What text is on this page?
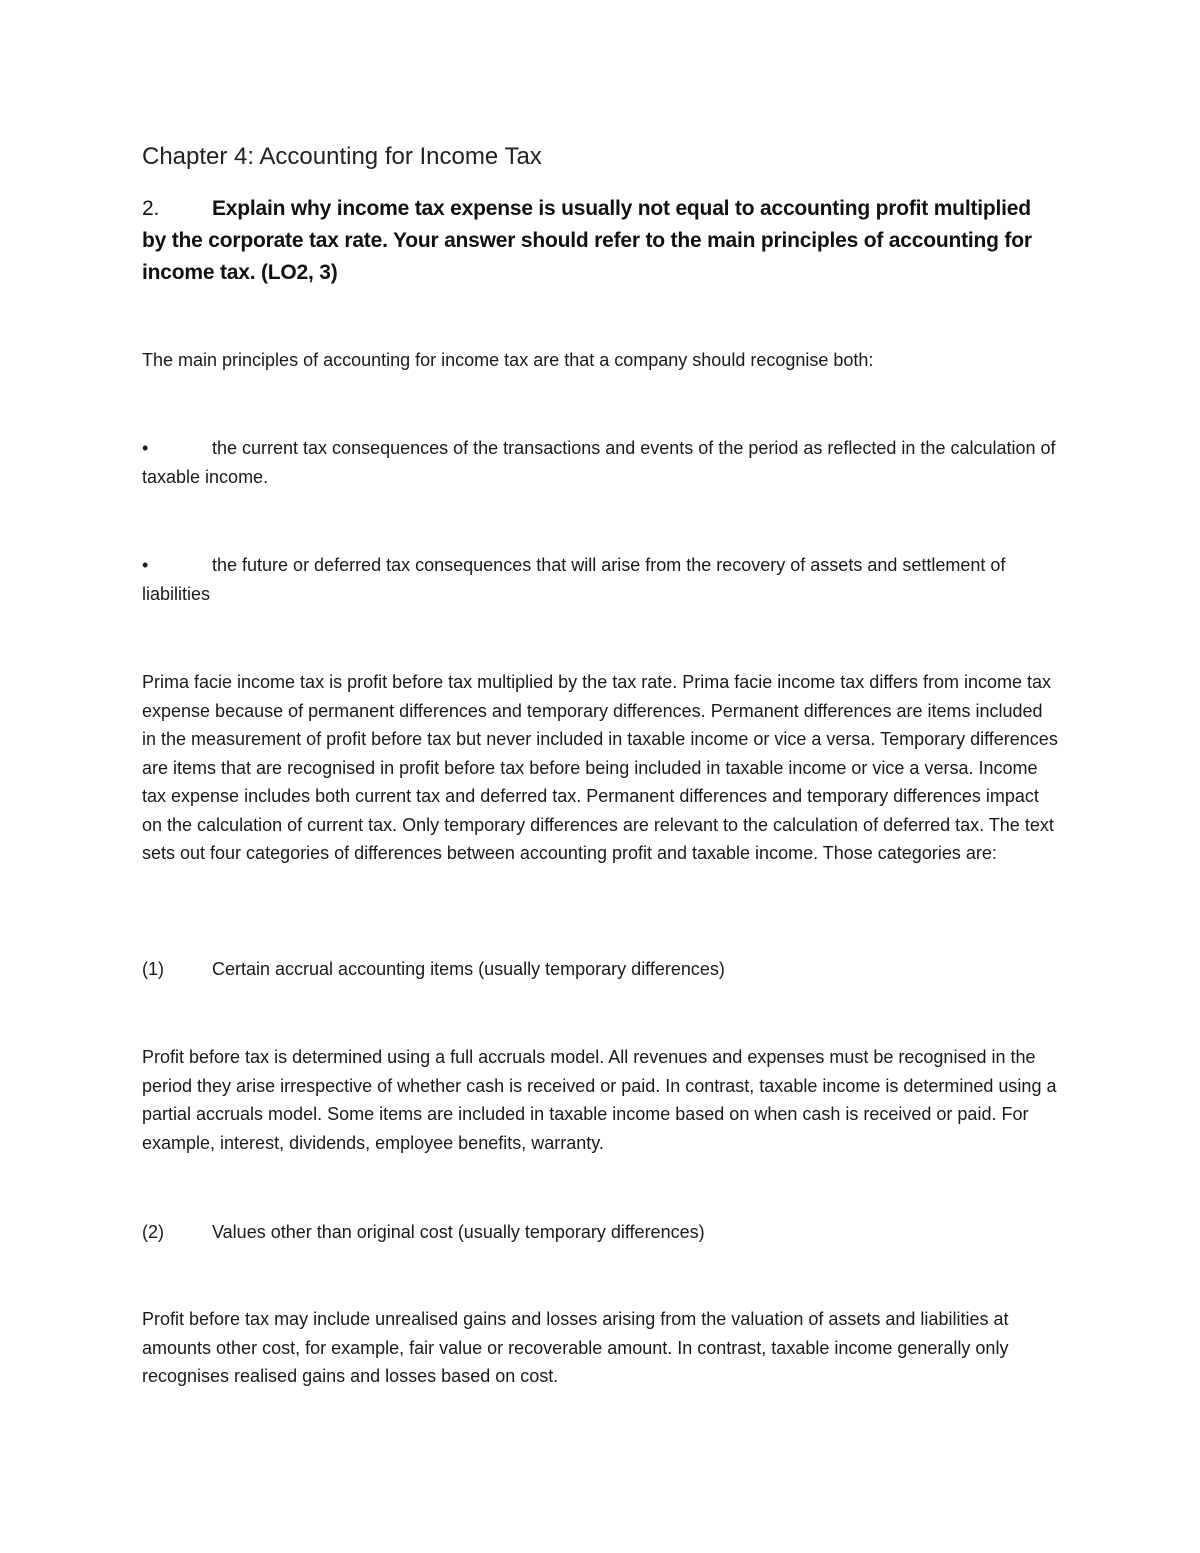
Chapter 4: Accounting for Income Tax
2.	Explain why income tax expense is usually not equal to accounting profit multiplied by the corporate tax rate. Your answer should refer to the main principles of accounting for income tax. (LO2, 3)

The main principles of accounting for income tax are that a company should recognise both:

•	the current tax consequences of the transactions and events of the period as reflected in the calculation of taxable income.

•	the future or deferred tax consequences that will arise from the recovery of assets and settlement of liabilities

Prima facie income tax is profit before tax multiplied by the tax rate. Prima facie income tax differs from income tax expense because of permanent differences and temporary differences. Permanent differences are items included in the measurement of profit before tax but never included in taxable income or vice a versa. Temporary differences are items that are recognised in profit before tax before being included in taxable income or vice a versa. Income tax expense includes both current tax and deferred tax. Permanent differences and temporary differences impact on the calculation of current tax. Only temporary differences are relevant to the calculation of deferred tax. The text sets out four categories of differences between accounting profit and taxable income. Those categories are:

(1)	Certain accrual accounting items (usually temporary differences)

Profit before tax is determined using a full accruals model. All revenues and expenses must be recognised in the period they arise irrespective of whether cash is received or paid. In contrast, taxable income is determined using a partial accruals model. Some items are included in taxable income based on when cash is received or paid. For example, interest, dividends, employee benefits, warranty.

(2)	Values other than original cost (usually temporary differences)

Profit before tax may include unrealised gains and losses arising from the valuation of assets and liabilities at amounts other cost, for example, fair value or recoverable amount. In contrast, taxable income generally only recognises realised gains and losses based on cost.
